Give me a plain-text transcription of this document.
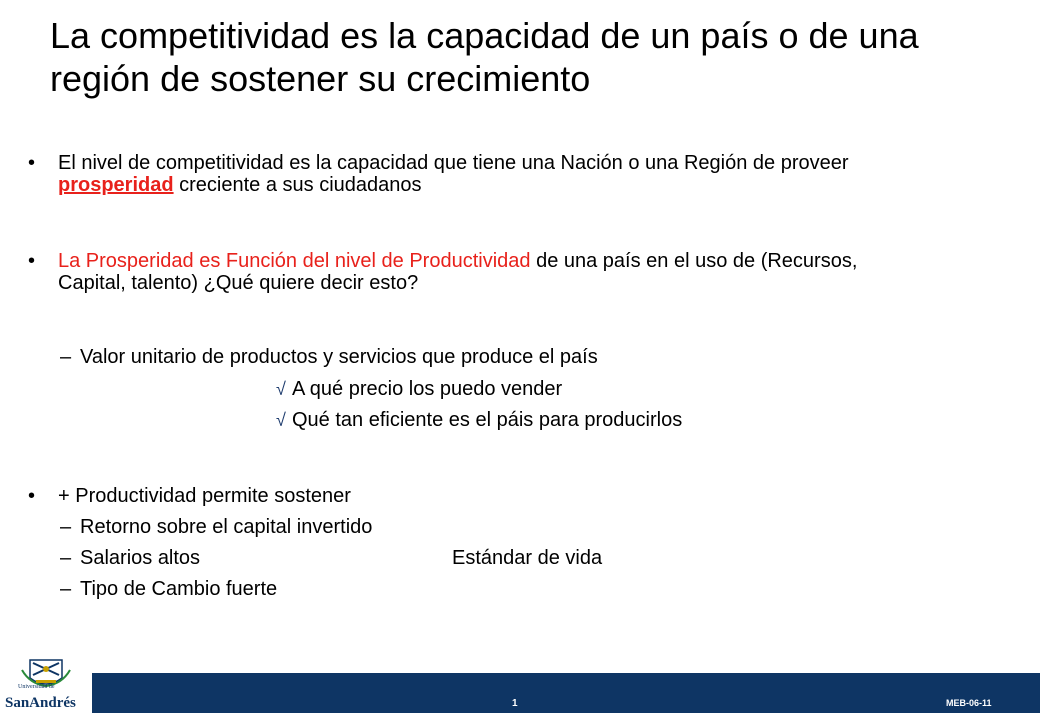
La competitividad es la capacidad de un país o de una región de sostener su crecimiento
•	El nivel de competitividad es la capacidad que tiene una Nación o una Región de proveer prosperidad creciente a sus ciudadanos
•	La Prosperidad es Función del nivel de Productividad de una país en el uso de (Recursos, Capital, talento) ¿Qué quiere decir esto?
– Valor unitario de productos y servicios que produce el país
√ A qué precio los puedo vender
√ Qué tan eficiente es el páis para producirlos
•	+ Productividad permite sostener
– Retorno sobre el capital invertido
– Salarios altos
– Tipo de Cambio fuerte
Estándar de vida
Universidad de
SanAndrés	1	MEB-06-11
